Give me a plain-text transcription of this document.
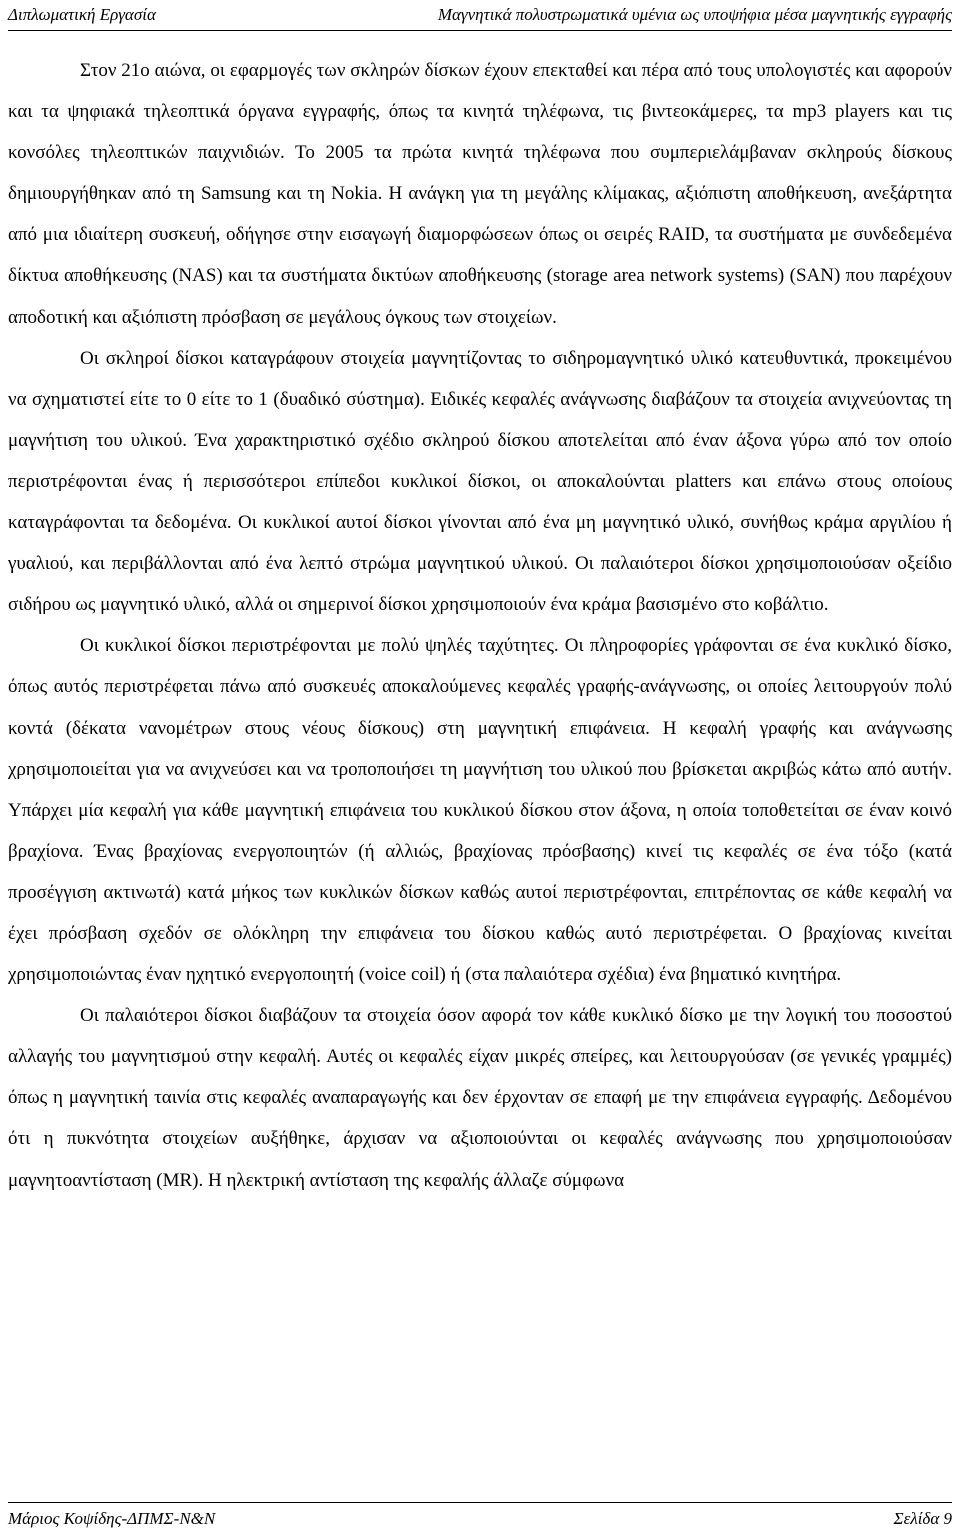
Διπλωματική Εργασία	Μαγνητικά πολυστρωματικά υμένια ως υποψήφια μέσα μαγνητικής εγγραφής

Στον 21ο αιώνα, οι εφαρμογές των σκληρών δίσκων έχουν επεκταθεί και πέρα από τους υπολογιστές και αφορούν και τα ψηφιακά τηλεοπτικά όργανα εγγραφής, όπως τα κινητά τηλέφωνα, τις βιντεοκάμερες, τα mp3 players και τις κονσόλες τηλεοπτικών παιχνιδιών. Το 2005 τα πρώτα κινητά τηλέφωνα που συμπεριελάμβαναν σκληρούς δίσκους δημιουργήθηκαν από τη Samsung και τη Nokia. Η ανάγκη για τη μεγάλης κλίμακας, αξιόπιστη αποθήκευση, ανεξάρτητα από μια ιδιαίτερη συσκευή, οδήγησε στην εισαγωγή διαμορφώσεων όπως οι σειρές RAID, τα συστήματα με συνδεδεμένα δίκτυα αποθήκευσης (NAS) και τα συστήματα δικτύων αποθήκευσης (storage area network systems) (SAN) που παρέχουν αποδοτική και αξιόπιστη πρόσβαση σε μεγάλους όγκους των στοιχείων.

Οι σκληροί δίσκοι καταγράφουν στοιχεία μαγνητίζοντας το σιδηρομαγνητικό υλικό κατευθυντικά, προκειμένου να σχηματιστεί είτε το 0 είτε το 1 (δυαδικό σύστημα). Ειδικές κεφαλές ανάγνωσης διαβάζουν τα στοιχεία ανιχνεύοντας τη μαγνήτιση του υλικού. Ένα χαρακτηριστικό σχέδιο σκληρού δίσκου αποτελείται από έναν άξονα γύρω από τον οποίο περιστρέφονται ένας ή περισσότεροι επίπεδοι κυκλικοί δίσκοι, οι αποκαλούνται platters και επάνω στους οποίους καταγράφονται τα δεδομένα. Οι κυκλικοί αυτοί δίσκοι γίνονται από ένα μη μαγνητικό υλικό, συνήθως κράμα αργιλίου ή γυαλιού, και περιβάλλονται από ένα λεπτό στρώμα μαγνητικού υλικού. Οι παλαιότεροι δίσκοι χρησιμοποιούσαν οξείδιο σιδήρου ως μαγνητικό υλικό, αλλά οι σημερινοί δίσκοι χρησιμοποιούν ένα κράμα βασισμένο στο κοβάλτιο.

Οι κυκλικοί δίσκοι περιστρέφονται με πολύ ψηλές ταχύτητες. Οι πληροφορίες γράφονται σε ένα κυκλικό δίσκο, όπως αυτός περιστρέφεται πάνω από συσκευές αποκαλούμενες κεφαλές γραφής-ανάγνωσης, οι οποίες λειτουργούν πολύ κοντά (δέκατα νανομέτρων στους νέους δίσκους) στη μαγνητική επιφάνεια. Η κεφαλή γραφής και ανάγνωσης χρησιμοποιείται για να ανιχνεύσει και να τροποποιήσει τη μαγνήτιση του υλικού που βρίσκεται ακριβώς κάτω από αυτήν. Υπάρχει μία κεφαλή για κάθε μαγνητική επιφάνεια του κυκλικού δίσκου στον άξονα, η οποία τοποθετείται σε έναν κοινό βραχίονα. Ένας βραχίονας ενεργοποιητών (ή αλλιώς, βραχίονας πρόσβασης) κινεί τις κεφαλές σε ένα τόξο (κατά προσέγγιση ακτινωτά) κατά μήκος των κυκλικών δίσκων καθώς αυτοί περιστρέφονται, επιτρέποντας σε κάθε κεφαλή να έχει πρόσβαση σχεδόν σε ολόκληρη την επιφάνεια του δίσκου καθώς αυτό περιστρέφεται. Ο βραχίονας κινείται χρησιμοποιώντας έναν ηχητικό ενεργοποιητή (voice coil) ή (στα παλαιότερα σχέδια) ένα βηματικό κινητήρα.

Οι παλαιότεροι δίσκοι διαβάζουν τα στοιχεία όσον αφορά τον κάθε κυκλικό δίσκο με την λογική του ποσοστού αλλαγής του μαγνητισμού στην κεφαλή. Αυτές οι κεφαλές είχαν μικρές σπείρες, και λειτουργούσαν (σε γενικές γραμμές) όπως η μαγνητική ταινία στις κεφαλές αναπαραγωγής και δεν έρχονταν σε επαφή με την επιφάνεια εγγραφής. Δεδομένου ότι η πυκνότητα στοιχείων αυξήθηκε, άρχισαν να αξιοποιούνται οι κεφαλές ανάγνωσης που χρησιμοποιούσαν μαγνητοαντίσταση (MR). Η ηλεκτρική αντίσταση της κεφαλής άλλαζε σύμφωνα

Μάριος Κοψίδης-ΔΠΜΣ-Ν&Ν	Σελίδα 9
